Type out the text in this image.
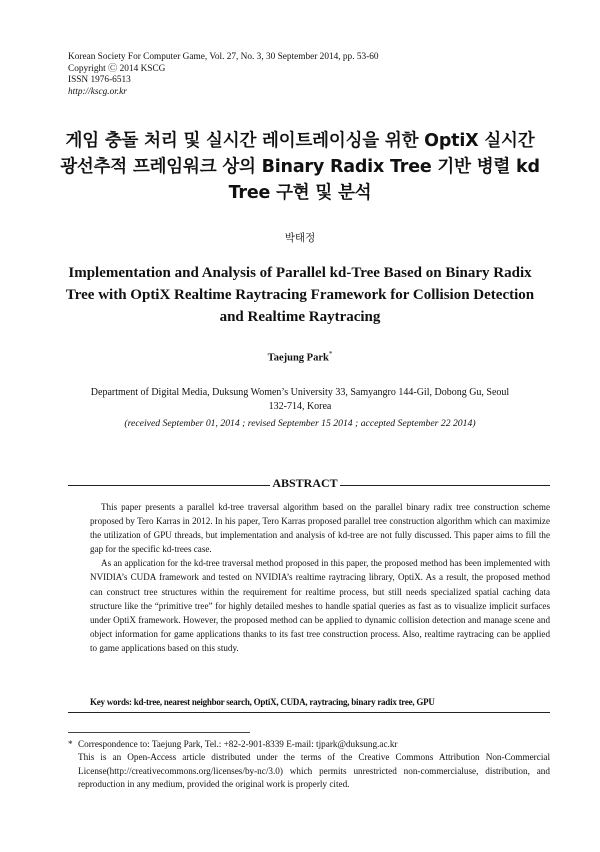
Korean Society For Computer Game, Vol. 27, No. 3, 30 September 2014, pp. 53-60
Copyright Ⓒ 2014 KSCG
ISSN 1976-6513
http://kscg.or.kr
게임 충돌 처리 및 실시간 레이트레이싱을 위한 OptiX 실시간
광선추적 프레임워크 상의 Binary Radix Tree 기반 병렬 kd
Tree 구현 및 분석
박태정
Implementation and Analysis of Parallel kd-Tree Based on Binary Radix
Tree with OptiX Realtime Raytracing Framework for Collision Detection
and Realtime Raytracing
Taejung Park*
Department of Digital Media, Duksung Women’s University 33, Samyangro 144-Gil, Dobong Gu, Seoul
132-714, Korea
(received September 01, 2014 ; revised September 15 2014 ; accepted September 22 2014)
ABSTRACT

This paper presents a parallel kd-tree traversal algorithm based on the parallel binary radix tree construction scheme proposed by Tero Karras in 2012. In his paper, Tero Karras proposed parallel tree construction algorithm which can maximize the utilization of GPU threads, but implementation and analysis of kd-tree are not fully discussed. This paper aims to fill the gap for the specific kd-trees case.

As an application for the kd-tree traversal method proposed in this paper, the proposed method has been implemented with NVIDIA’s CUDA framework and tested on NVIDIA’s realtime raytracing library, OptiX. As a result, the proposed method can construct tree structures within the requirement for realtime process, but still needs specialized spatial caching data structure like the “primitive tree” for highly detailed meshes to handle spatial queries as fast as to visualize implicit surfaces under OptiX framework. However, the proposed method can be applied to dynamic collision detection and manage scene and object information for game applications thanks to its fast tree construction process. Also, realtime raytracing can be applied to game applications based on this study.

Key words: kd-tree, nearest neighbor search, OptiX, CUDA, raytracing, binary radix tree, GPU
* Correspondence to: Taejung Park, Tel.: +82-2-901-8339 E-mail: tjpark@duksung.ac.kr
This is an Open-Access article distributed under the terms of the Creative Commons Attribution Non-Commercial License(http://creativecommons.org/licenses/by-nc/3.0) which permits unrestricted non-commercialuse, distribution, and reproduction in any medium, provided the original work is properly cited.
